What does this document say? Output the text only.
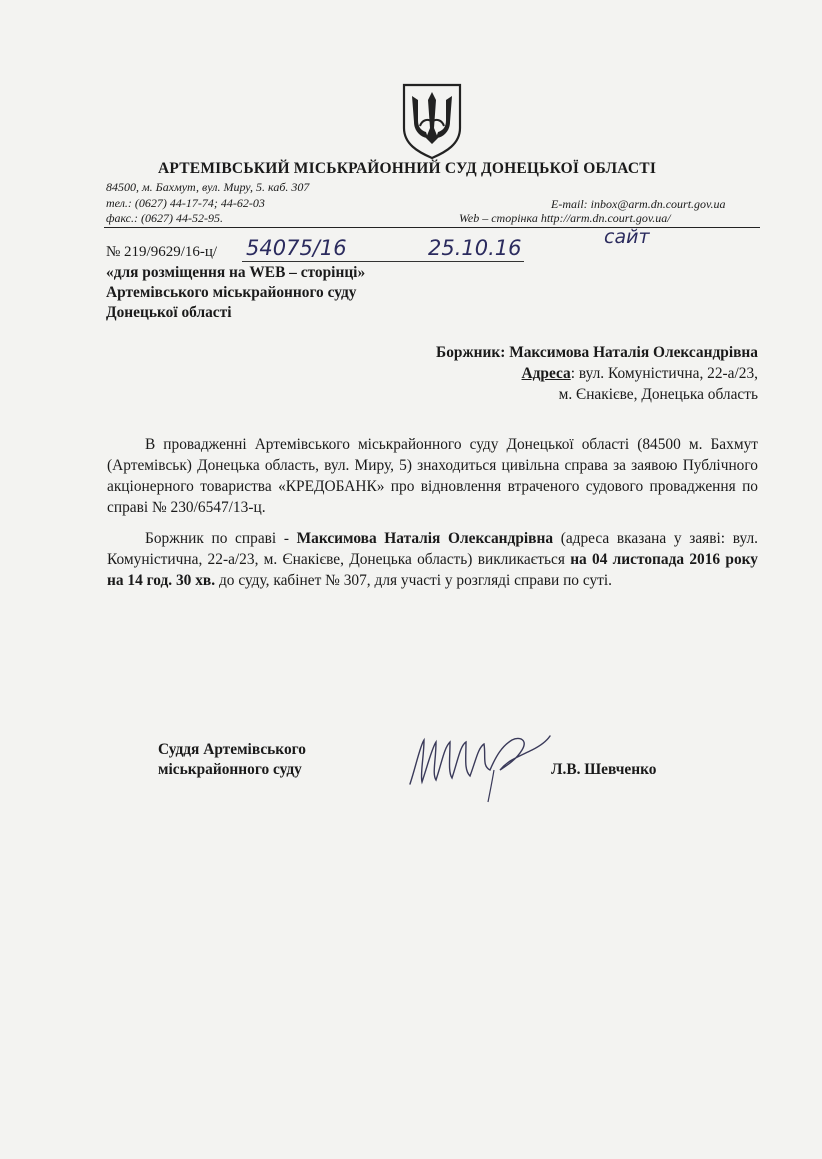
АРТЕМІВСЬКИЙ МІСЬКРАЙОННИЙ СУД ДОНЕЦЬКОЇ ОБЛАСТІ
84500, м. Бахмут, вул. Миру, 5. каб. 307
тел.: (0627) 44-17-74; 44-62-03
факс.: (0627) 44-52-95.
E-mail: inbox@arm.dn.court.gov.ua
Web – сторінка http://arm.dn.court.gov.ua/
№ 219/9629/16-ц/ 54075/16	25.10.16	сайт
«для розміщення на WEB – сторінці»
Артемівського міськрайонного суду
Донецької області
Боржник: Максимова Наталія Олександрівна
Адреса: вул. Комуністична, 22-а/23,
м. Єнакієве, Донецька область
В провадженні Артемівського міськрайонного суду Донецької області (84500 м. Бахмут (Артемівськ) Донецька область, вул. Миру, 5) знаходиться цивільна справа за заявою Публічного акціонерного товариства «КРЕДОБАНК» про відновлення втраченого судового провадження по справі № 230/6547/13-ц.
Боржник по справі - Максимова Наталія Олександрівна (адреса вказана у заяві: вул. Комуністична, 22-а/23, м. Єнакієве, Донецька область) викликається на 04 листопада 2016 року на 14 год. 30 хв. до суду, кабінет № 307, для участі у розгляді справи по суті.
Суддя Артемівського
міськрайонного суду	Л.В. Шевченко
